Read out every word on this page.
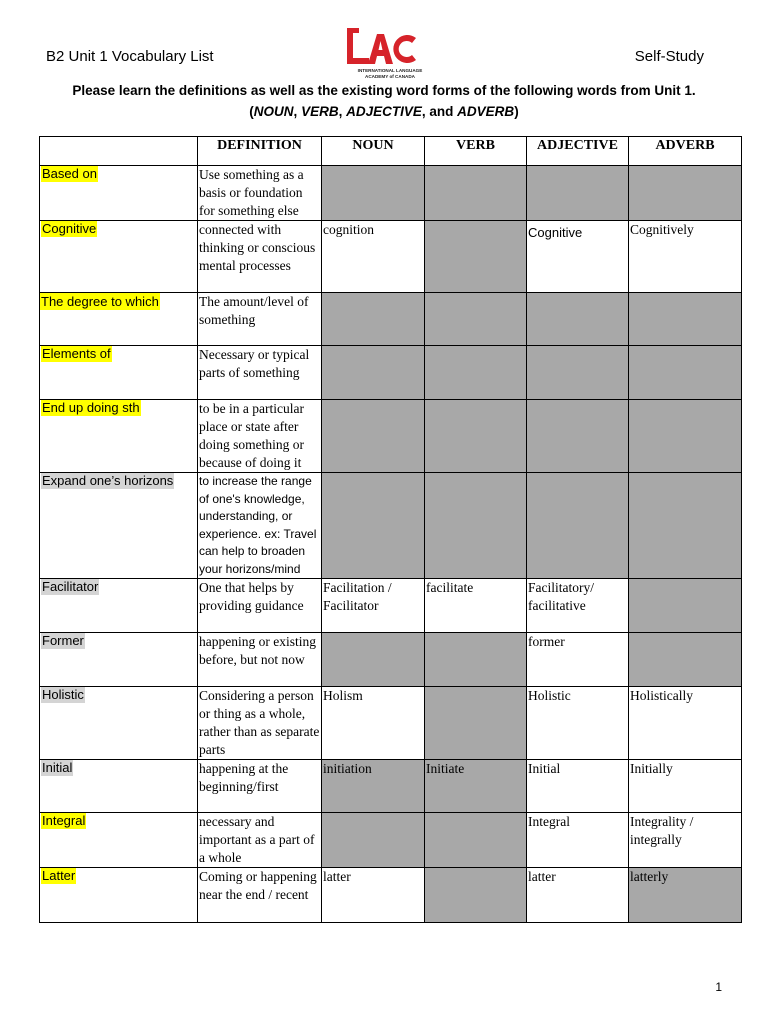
B2 Unit 1 Vocabulary List
INTERNATIONAL LANGUAGE
ACADEMY of CANADA
Self-Study
Please learn the definitions as well as the existing word forms of the following words from Unit 1.
(NOUN, VERB, ADJECTIVE, and ADVERB)
	DEFINITION	NOUN	VERB	ADJECTIVE	ADVERB
Based on	Use something as a basis or foundation for something else				
Cognitive	connected with thinking or conscious mental processes	cognition		Cognitive	Cognitively
The degree to which	The amount/level of something				
Elements of	Necessary or typical parts of something				
End up doing sth	to be in a particular place or state after doing something or because of doing it				
Expand one’s horizons	to increase the range of one's knowledge, understanding, or experience. ex: Travel can help to broaden your horizons/mind				
Facilitator	One that helps by providing guidance	Facilitation / Facilitator	facilitate	Facilitatory/ facilitative	
Former	happening or existing before, but not now			former	
Holistic	Considering a person or thing as a whole, rather than as separate parts	Holism		Holistic	Holistically
Initial	happening at the beginning/first	initiation	Initiate	Initial	Initially
Integral	necessary and important as a part of a whole			Integral	Integrality / integrally
Latter	Coming or happening near the end / recent	latter		latter	latterly
1
